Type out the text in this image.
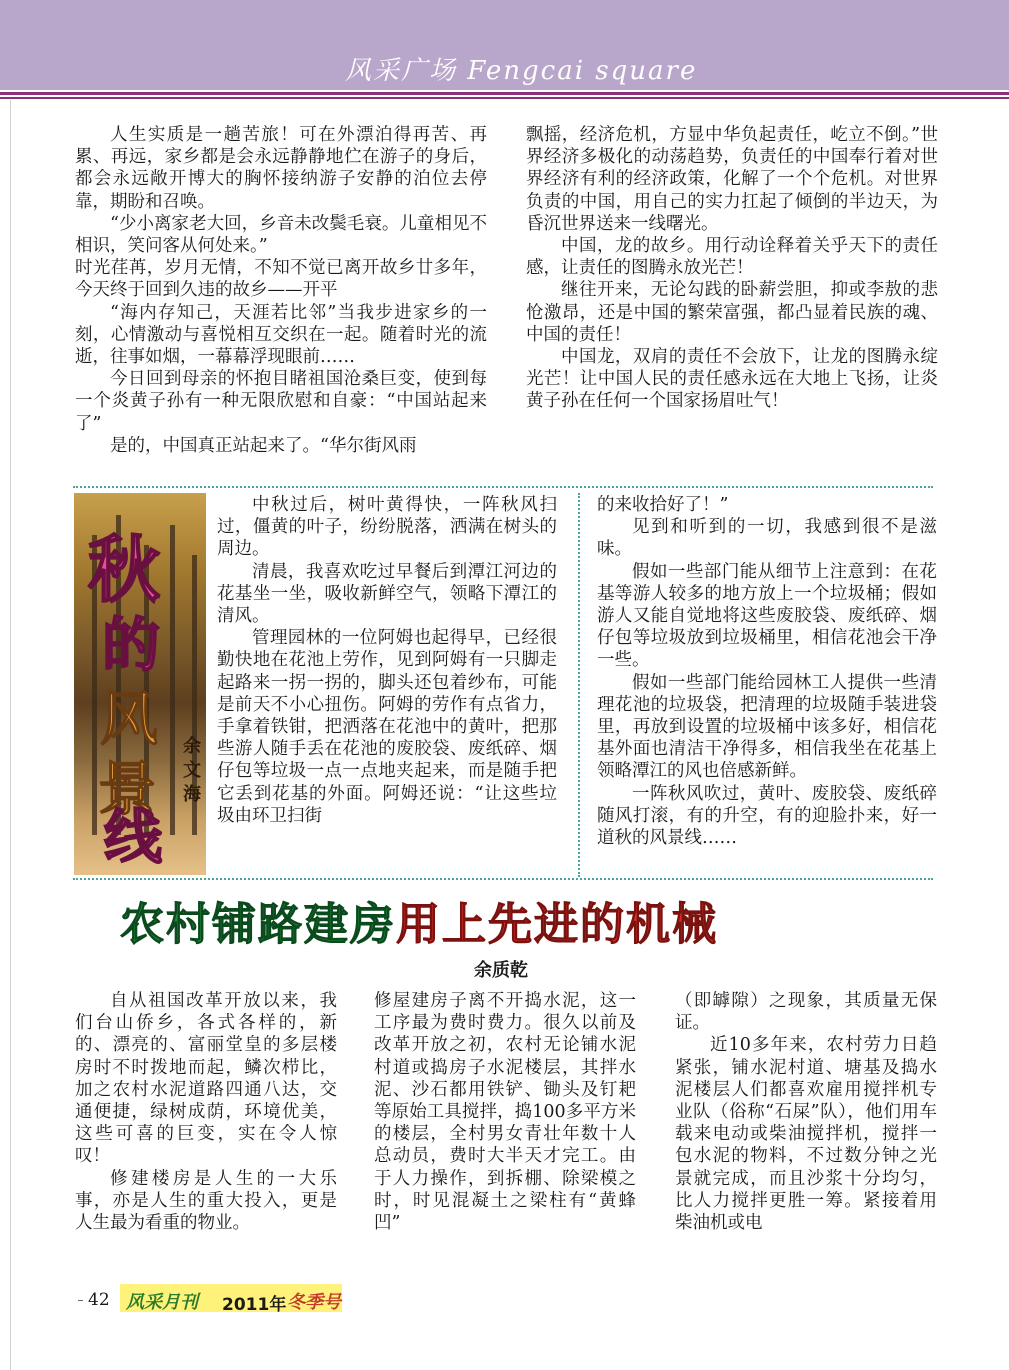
风采广场 Fengcai square

人生实质是一趟苦旅！可在外漂泊得再苦、再累、再远，家乡都是会永远静静地伫在游子的身后，都会永远敞开博大的胸怀接纳游子安静的泊位去停靠，期盼和召唤。

“少小离家老大回，乡音未改鬓毛衰。儿童相见不相识，笑问客从何处来。”

时光荏苒，岁月无情，不知不觉已离开故乡廿多年，今天终于回到久违的故乡——开平

“海内存知己，天涯若比邻”当我步进家乡的一刻，心情激动与喜悦相互交织在一起。随着时光的流逝，往事如烟，一幕幕浮现眼前……

今日回到母亲的怀抱目睹祖国沧桑巨变，使到每一个炎黄子孙有一种无限欣慰和自豪：“中国站起来了”

是的，中国真正站起来了。“华尔街风雨

飘摇，经济危机，方显中华负起责任，屹立不倒。”世界经济多极化的动荡趋势，负责任的中国奉行着对世界经济有利的经济政策，化解了一个个危机。对世界负责的中国，用自己的实力扛起了倾倒的半边天，为昏沉世界送来一线曙光。

中国，龙的故乡。用行动诠释着关乎天下的责任感，让责任的图腾永放光芒！

继往开来，无论勾践的卧薪尝胆，抑或李敖的悲怆激昂，还是中国的繁荣富强，都凸显着民族的魂、中国的责任！

中国龙，双肩的责任不会放下，让龙的图腾永绽光芒！让中国人民的责任感永远在大地上飞扬，让炎黄子孙在任何一个国家扬眉吐气！

秋
的
风
景
线
余
文
海

中秋过后，树叶黄得快，一阵秋风扫过，僵黄的叶子，纷纷脱落，洒满在树头的周边。

清晨，我喜欢吃过早餐后到潭江河边的花基坐一坐，吸收新鲜空气，领略下潭江的清风。

管理园林的一位阿姆也起得早，已经很勤快地在花池上劳作，见到阿姆有一只脚走起路来一拐一拐的，脚头还包着纱布，可能是前天不小心扭伤。阿姆的劳作有点省力，手拿着铁钳，把洒落在花池中的黄叶，把那些游人随手丢在花池的废胶袋、废纸碎、烟仔包等垃圾一点一点地夹起来，而是随手把它丢到花基的外面。阿姆还说：“让这些垃圾由环卫扫街

的来收拾好了！”

见到和听到的一切，我感到很不是滋味。

假如一些部门能从细节上注意到：在花基等游人较多的地方放上一个垃圾桶；假如游人又能自觉地将这些废胶袋、废纸碎、烟仔包等垃圾放到垃圾桶里，相信花池会干净一些。

假如一些部门能给园林工人提供一些清理花池的垃圾袋，把清理的垃圾随手装进袋里，再放到设置的垃圾桶中该多好，相信花基外面也清洁干净得多，相信我坐在花基上领略潭江的风也倍感新鲜。

一阵秋风吹过，黄叶、废胶袋、废纸碎随风打滚，有的升空，有的迎脸扑来，好一道秋的风景线……

农村铺路建房用上先进的机械
余质乾

自从祖国改革开放以来，我们台山侨乡，各式各样的，新的、漂亮的、富丽堂皇的多层楼房时不时拨地而起，鳞次栉比，加之农村水泥道路四通八达，交通便捷，绿树成荫，环境优美，这些可喜的巨变，实在令人惊叹！

修建楼房是人生的一大乐事，亦是人生的重大投入，更是人生最为看重的物业。

修屋建房子离不开捣水泥，这一工序最为费时费力。很久以前及改革开放之初，农村无论铺水泥村道或捣房子水泥楼层，其拌水泥、沙石都用铁铲、锄头及钉耙等原始工具搅拌，捣100多平方米的楼层，全村男女青壮年数十人总动员，费时大半天才完工。由于人力操作，到拆棚、除梁模之时，时见混凝土之梁柱有“黄蜂凹”

（即罅隙）之现象，其质量无保证。

近10多年来，农村劳力日趋紧张，铺水泥村道、塘基及捣水泥楼层人们都喜欢雇用搅拌机专业队（俗称“石屎”队），他们用车载来电动或柴油搅拌机，搅拌一包水泥的物料，不过数分钟之光景就完成，而且沙浆十分均匀，比人力搅拌更胜一筹。紧接着用柴油机或电

42 风采月刊 2011年 冬季号
